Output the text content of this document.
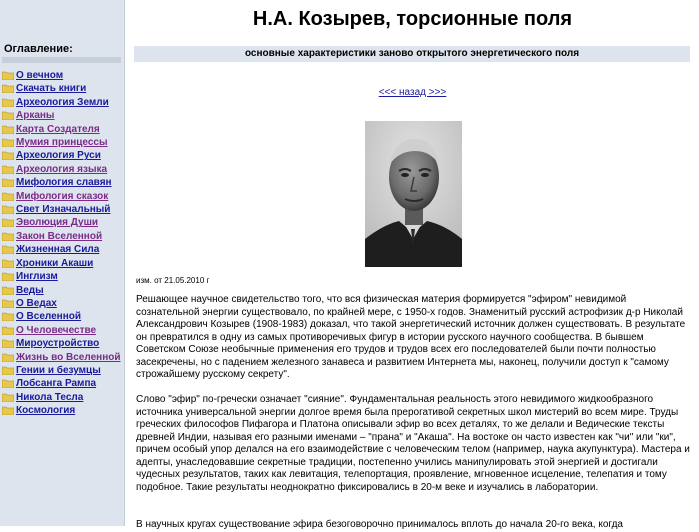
Оглавление:
О вечном
Скачать книги
Археология Земли
Арканы
Карта Создателя
Мумия принцессы
Археология Руси
Археология языка
Мифология славян
Мифология сказок
Свет Изначальный
Эволюция Души
Закон Вселенной
Жизненная Сила
Хроники Акаши
Инглизм
Веды
О Ведах
О Вселенной
О Человечестве
Мироустройство
Жизнь во Вселенной
Гении и безумцы
Лобсанга Рампа
Никола Тесла
Космология
Н.А. Козырев, торсионные поля
основные характеристики заново открытого энергетического поля
<<< назад >>>
изм. от 21.05.2010 г

Решающее научное свидетельство того, что вся физическая материя формируется "эфиром" невидимой сознательной энергии существовало, по крайней мере, с 1950-х годов. Знаменитый русский астрофизик д-р Николай Александрович Козырев (1908-1983) доказал, что такой энергетический источник должен существовать. В результате он превратился в одну из самых противоречивых фигур в истории русского научного сообщества. В бывшем Советском Союзе необычные применения его трудов и трудов всех его последователей были почти полностью засекречены, но с падением железного занавеса и развитием Интернета мы, наконец, получили доступ к "самому строжайшему русскому секрету".

Слово "эфир" по-гречески означает "сияние". Фундаментальная реальность этого невидимого жидкообразного источника универсальной энергии долгое время была прерогативой секретных школ мистерий во всем мире. Труды греческих философов Пифагора и Платона описывали эфир во всех деталях, то же делали и Ведические тексты древней Индии, называя его разными именами – "прана" и "Акаша". На востоке он часто известен как "чи" или "ки", причем особый упор делался на его взаимодействие с человеческим телом (например, наука акупунктура). Мастера и адепты, унаследовавшие секретные традиции, постепенно учились манипулировать этой энергией и достигали чудесных результатов, таких как левитация, телепортация, проявление, мгновенное исцеление, телепатия и тому подобное. Такие результаты неоднократно фиксировались в 20-м веке и изучались в лаборатории.

В научных кругах существование эфира безоговорочно принималось вплоть до начала 20-го века, когда
